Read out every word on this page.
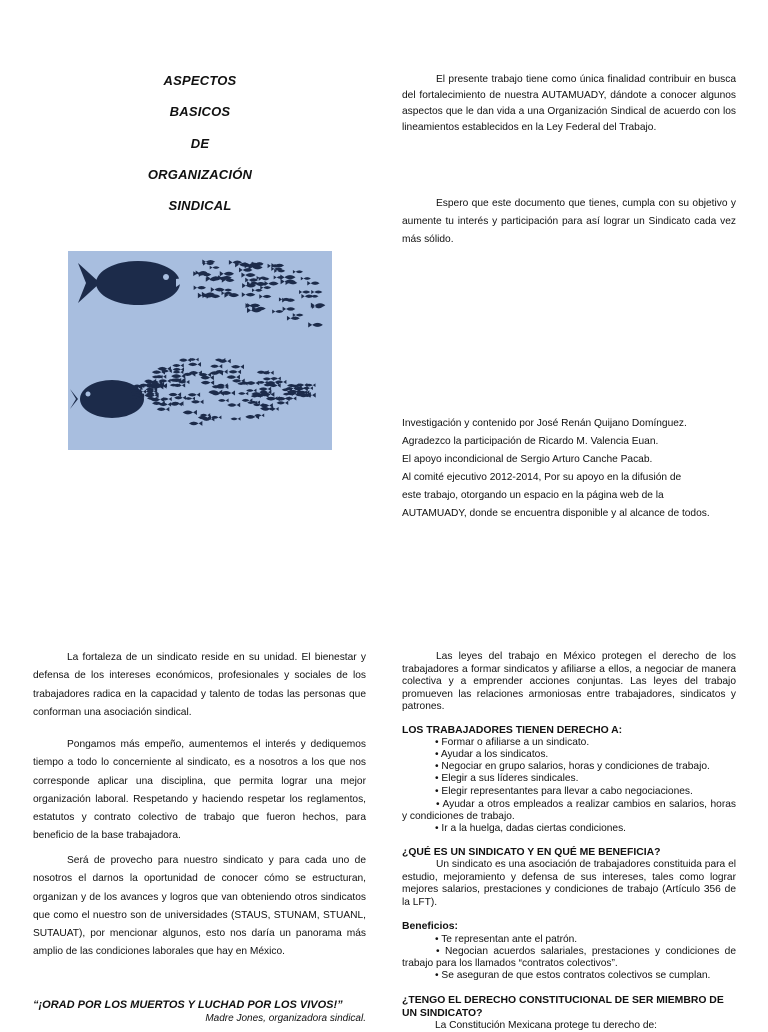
ASPECTOS
BASICOS
DE
ORGANIZACIÓN
SINDICAL

El presente trabajo tiene como única finalidad contribuir en busca del fortalecimiento de nuestra AUTAMUADY, dándote a conocer algunos aspectos que le dan vida a una Organización Sindical de acuerdo con los lineamientos establecidos en la Ley Federal del Trabajo.

Espero que este documento que tienes, cumpla con su objetivo y aumente tu interés y participación para así lograr un Sindicato cada vez más sólido.

Investigación y contenido por José Renán Quijano Domínguez.
Agradezco la participación de Ricardo M. Valencia Euan.
El apoyo incondicional de Sergio Arturo Canche Pacab.
Al comité ejecutivo 2012-2014, Por su apoyo en la difusión de
este trabajo, otorgando un espacio en la página web de la
AUTAMUADY, donde se encuentra disponible y al alcance de todos.

La fortaleza de un sindicato reside en su unidad. El bienestar y defensa de los intereses económicos, profesionales y sociales de los trabajadores radica en la capacidad y talento de todas las personas que conforman una asociación sindical.

Pongamos más empeño, aumentemos el interés y dediquemos tiempo a todo lo concerniente al sindicato, es a nosotros a los que nos corresponde aplicar una disciplina, que permita lograr una mejor organización laboral. Respetando y haciendo respetar los reglamentos, estatutos y contrato colectivo de trabajo que fueron hechos, para beneficio de la base trabajadora.

Será de provecho para nuestro sindicato y para cada uno de nosotros el darnos la oportunidad de conocer cómo se estructuran, organizan y de los avances y logros que van obteniendo otros sindicatos que como el nuestro son de universidades (STAUS, STUNAM, STUANL, SUTAUAT), por mencionar algunos, esto nos daría un panorama más amplio de las condiciones laborales que hay en México.

“¡ORAD POR LOS MUERTOS Y LUCHAD POR LOS VIVOS!”
Madre Jones, organizadora sindical.

Las leyes del trabajo en México protegen el derecho de los trabajadores a formar sindicatos y afiliarse a ellos, a negociar de manera colectiva y a emprender acciones conjuntas. Las leyes del trabajo promueven las relaciones armoniosas entre trabajadores, sindicatos y patrones.

LOS TRABAJADORES TIENEN DERECHO A:
• Formar o afiliarse a un sindicato.
• Ayudar a los sindicatos.
• Negociar en grupo salarios, horas y condiciones de trabajo.
• Elegir a sus líderes sindicales.
• Elegir representantes para llevar a cabo negociaciones.
• Ayudar a otros empleados a realizar cambios en salarios, horas y condiciones de trabajo.
• Ir a la huelga, dadas ciertas condiciones.
¿QUÉ ES UN SINDICATO Y EN QUÉ ME BENEFICIA?

Un sindicato es una asociación de trabajadores constituida para el estudio, mejoramiento y defensa de sus intereses, tales como lograr mejores salarios, prestaciones y condiciones de trabajo (Artículo 356 de la LFT).

Beneficios:
• Te representan ante el patrón.
• Negocian acuerdos salariales, prestaciones y condiciones de trabajo para los llamados “contratos colectivos”.
• Se aseguran de que estos contratos colectivos se cumplan.
¿TENGO EL DERECHO CONSTITUCIONAL DE SER MIEMBRO DE UN SINDICATO?
La Constitución Mexicana protege tu derecho de:
